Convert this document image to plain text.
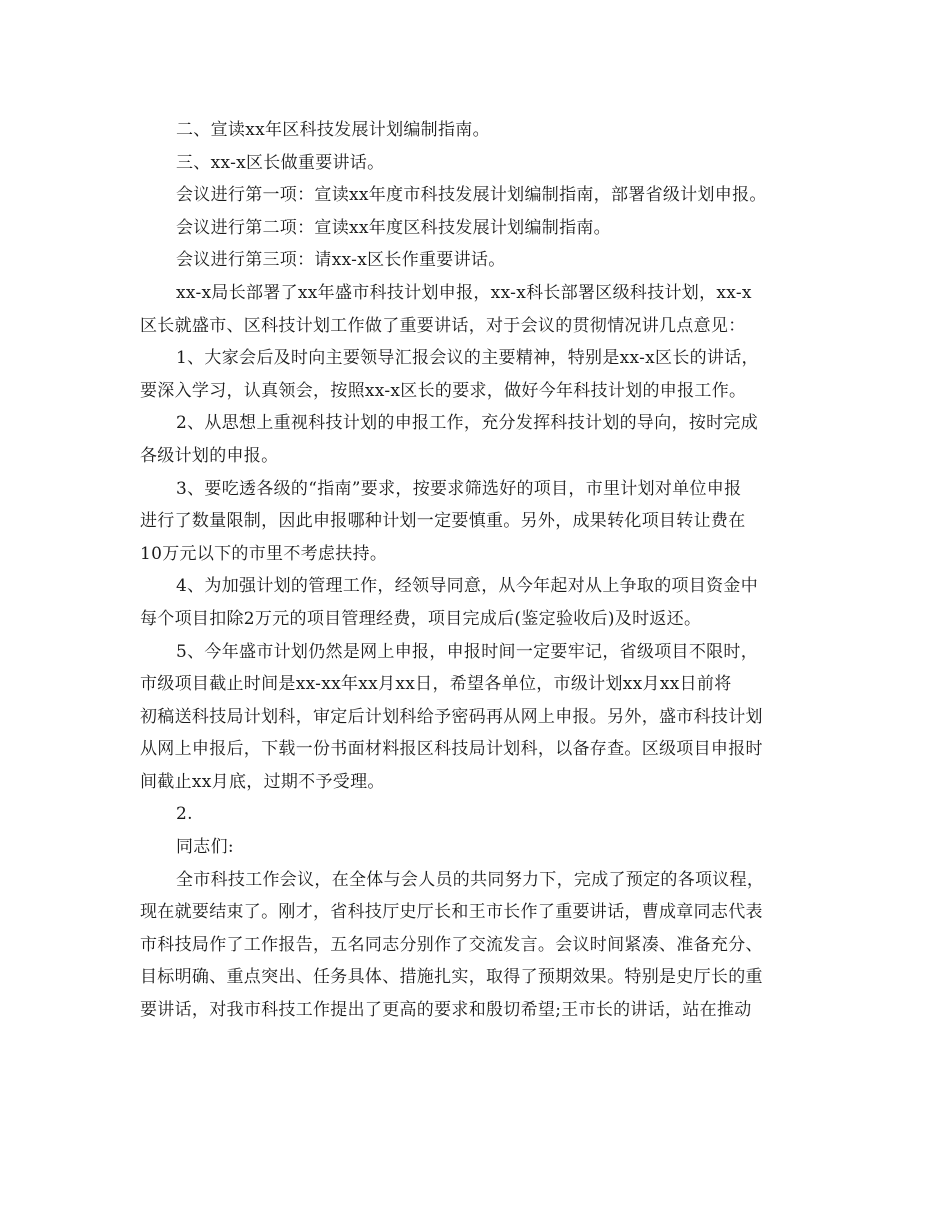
二、宣读xx年区科技发展计划编制指南。
三、xx-x区长做重要讲话。
会议进行第一项：宣读xx年度市科技发展计划编制指南，部署省级计划申报。
会议进行第二项：宣读xx年度区科技发展计划编制指南。
会议进行第三项：请xx-x区长作重要讲话。
xx-x局长部署了xx年盛市科技计划申报，xx-x科长部署区级科技计划，xx-x
区长就盛市、区科技计划工作做了重要讲话，对于会议的贯彻情况讲几点意见：
1、大家会后及时向主要领导汇报会议的主要精神，特别是xx-x区长的讲话，
要深入学习，认真领会，按照xx-x区长的要求，做好今年科技计划的申报工作。
2、从思想上重视科技计划的申报工作，充分发挥科技计划的导向，按时完成
各级计划的申报。
3、要吃透各级的“指南”要求，按要求筛选好的项目，市里计划对单位申报
进行了数量限制，因此申报哪种计划一定要慎重。另外，成果转化项目转让费在
10万元以下的市里不考虑扶持。
4、为加强计划的管理工作，经领导同意，从今年起对从上争取的项目资金中
每个项目扣除2万元的项目管理经费，项目完成后(鉴定验收后)及时返还。
5、今年盛市计划仍然是网上申报，申报时间一定要牢记，省级项目不限时，
市级项目截止时间是xx-xx年xx月xx日，希望各单位，市级计划xx月xx日前将
初稿送科技局计划科，审定后计划科给予密码再从网上申报。另外，盛市科技计划
从网上申报后，下载一份书面材料报区科技局计划科，以备存查。区级项目申报时
间截止xx月底，过期不予受理。
2.
同志们:
全市科技工作会议，在全体与会人员的共同努力下，完成了预定的各项议程，
现在就要结束了。刚才，省科技厅史厅长和王市长作了重要讲话，曹成章同志代表
市科技局作了工作报告，五名同志分别作了交流发言。会议时间紧凑、准备充分、
目标明确、重点突出、任务具体、措施扎实，取得了预期效果。特别是史厅长的重
要讲话，对我市科技工作提出了更高的要求和殷切希望;王市长的讲话，站在推动
